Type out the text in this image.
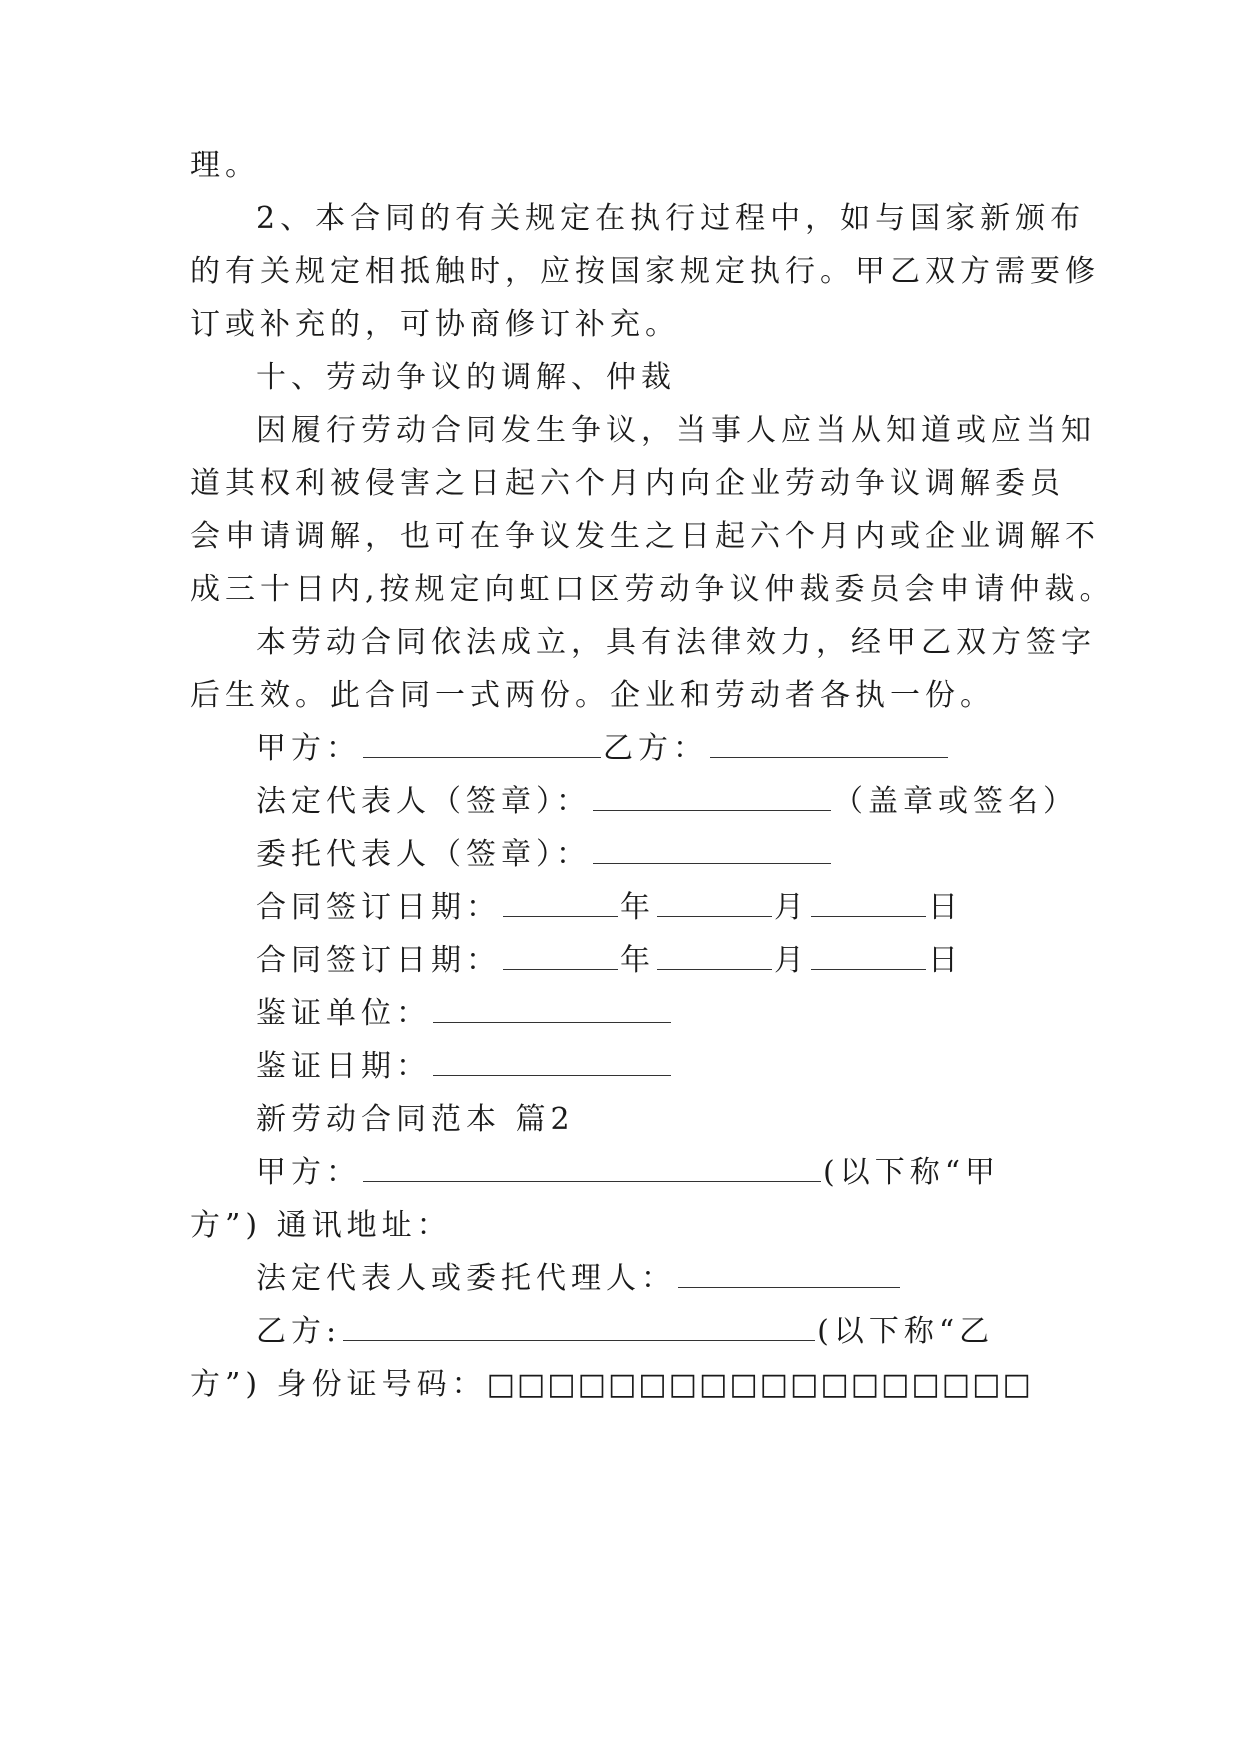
理。
2、本合同的有关规定在执行过程中，如与国家新颁布
的有关规定相抵触时，应按国家规定执行。甲乙双方需要修
订或补充的，可协商修订补充。
十、劳动争议的调解、仲裁
因履行劳动合同发生争议，当事人应当从知道或应当知
道其权利被侵害之日起六个月内向企业劳动争议调解委员
会申请调解，也可在争议发生之日起六个月内或企业调解不
成三十日内,按规定向虹口区劳动争议仲裁委员会申请仲裁。
本劳动合同依法成立，具有法律效力，经甲乙双方签字
后生效。此合同一式两份。企业和劳动者各执一份。
甲方：	乙方：
法定代表人（签章）：	（盖章或签名）
委托代表人（签章）：
合同签订日期：	年	月	日
合同签订日期：	年	月	日
鉴证单位：
鉴证日期：
新劳动合同范本 篇2
甲方：	(以下称“甲
方”) 通讯地址：
法定代表人或委托代理人：
乙方:	(以下称“乙
方”) 身份证号码：□□□□□□□□□□□□□□□□□□
